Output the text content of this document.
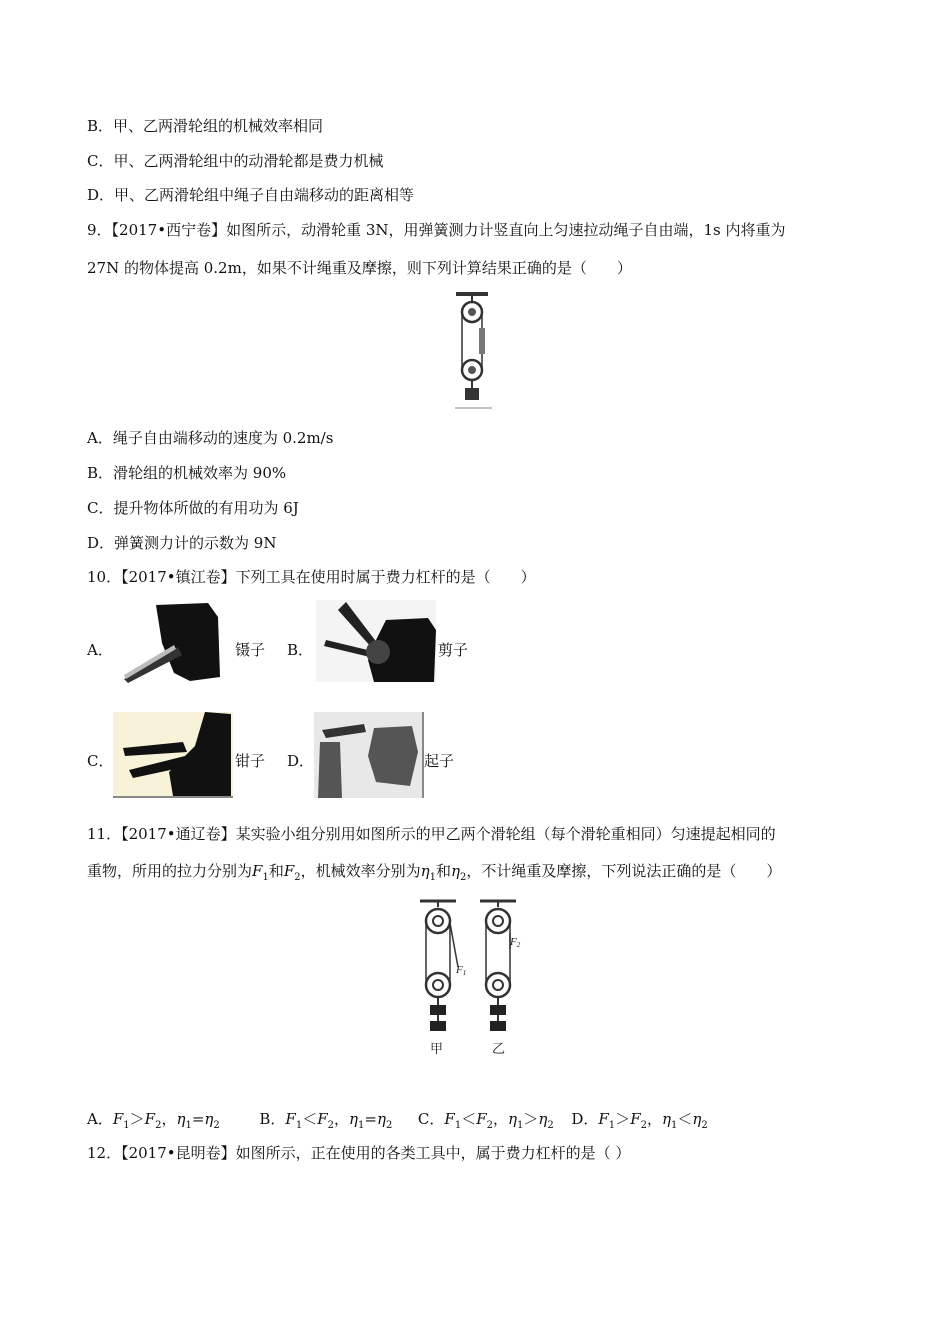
B．甲、乙两滑轮组的机械效率相同
C．甲、乙两滑轮组中的动滑轮都是费力机械
D．甲、乙两滑轮组中绳子自由端移动的距离相等
9．【2017•西宁卷】如图所示，动滑轮重 3N，用弹簧测力计竖直向上匀速拉动绳子自由端，1s 内将重为
27N 的物体提高 0.2m，如果不计绳重及摩擦，则下列计算结果正确的是（　　）
A．绳子自由端移动的速度为 0.2m/s
B．滑轮组的机械效率为 90%
C．提升物体所做的有用功为 6J
D．弹簧测力计的示数为 9N
10．【2017•镇江卷】下列工具在使用时属于费力杠杆的是（　　）
A．	镊子 B．	剪子
C．	钳子 D．	起子
11．【2017•通辽卷】某实验小组分别用如图所示的甲乙两个滑轮组（每个滑轮重相同）匀速提起相同的
重物，所用的拉力分别为$F_1$和$F_2$，机械效率分别为$\eta_1$和$\eta_2$，不计绳重及摩擦，下列说法正确的是（　　）
F1
甲
F2
乙
A．$F_1>F_2$，$\eta_1=\eta_2$	B．$F_1<F_2$，$\eta_1=\eta_2$ C．$F_1<F_2$，$\eta_1>\eta_2$ D．$F_1>F_2$，$\eta_1<\eta_2$
12．【2017•昆明卷】如图所示，正在使用的各类工具中，属于费力杠杆的是（ ）
